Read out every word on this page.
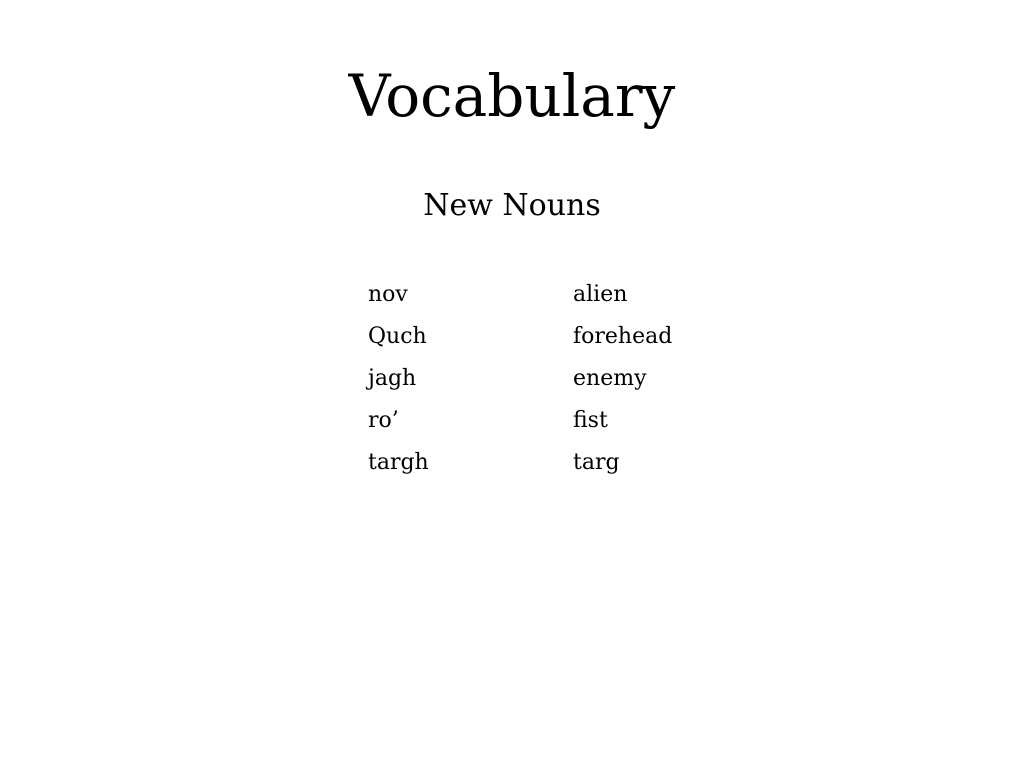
Vocabulary
New Nouns
nov	alien
Quch	forehead
jagh	enemy
ro’	fist
targh	targ
